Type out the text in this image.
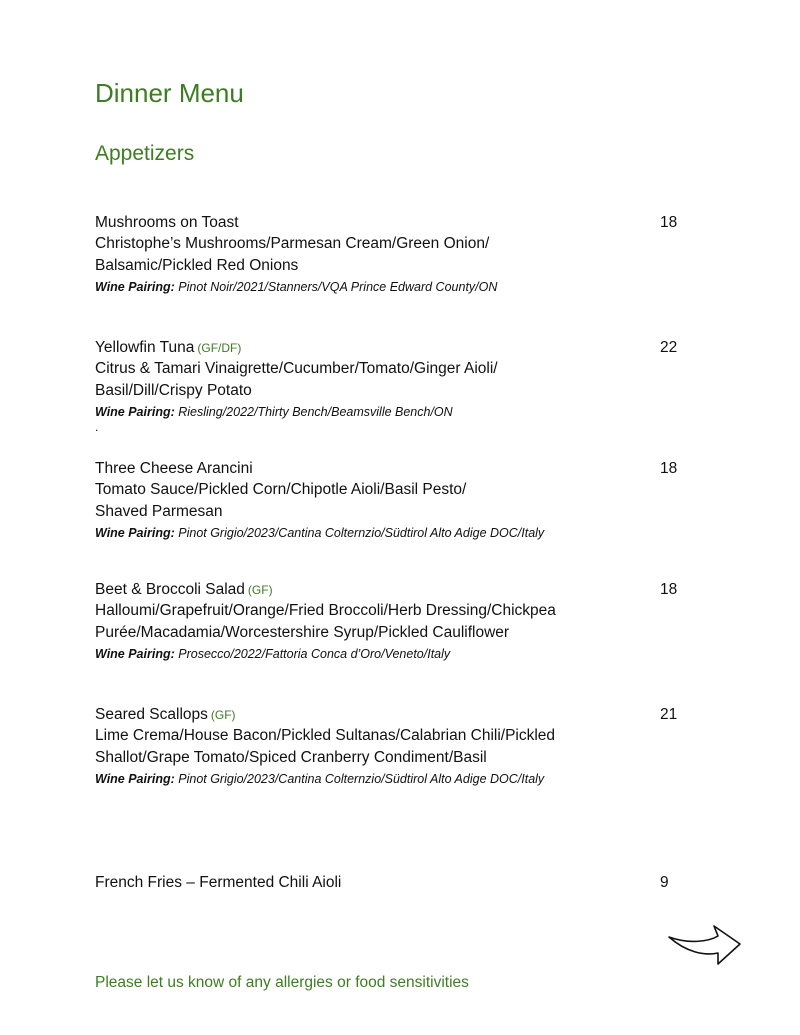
Dinner Menu
Appetizers
Mushrooms on Toast	18
Christophe’s Mushrooms/Parmesan Cream/Green Onion/
Balsamic/Pickled Red Onions
Wine Pairing: Pinot Noir/2021/Stanners/VQA Prince Edward County/ON
Yellowfin Tuna (GF/DF)	22
Citrus & Tamari Vinaigrette/Cucumber/Tomato/Ginger Aioli/
Basil/Dill/Crispy Potato
Wine Pairing: Riesling/2022/Thirty Bench/Beamsville Bench/ON
.
Three Cheese Arancini	18
Tomato Sauce/Pickled Corn/Chipotle Aioli/Basil Pesto/
Shaved Parmesan
Wine Pairing: Pinot Grigio/2023/Cantina Colternzio/Südtirol Alto Adige DOC/Italy
Beet & Broccoli Salad (GF)	18
Halloumi/Grapefruit/Orange/Fried Broccoli/Herb Dressing/Chickpea
Purée/Macadamia/Worcestershire Syrup/Pickled Cauliflower
Wine Pairing: Prosecco/2022/Fattoria Conca d’Oro/Veneto/Italy
Seared Scallops (GF)	21
Lime Crema/House Bacon/Pickled Sultanas/Calabrian Chili/Pickled
Shallot/Grape Tomato/Spiced Cranberry Condiment/Basil
Wine Pairing: Pinot Grigio/2023/Cantina Colternzio/Südtirol Alto Adige DOC/Italy
French Fries – Fermented Chili Aioli	9
Please let us know of any allergies or food sensitivities
